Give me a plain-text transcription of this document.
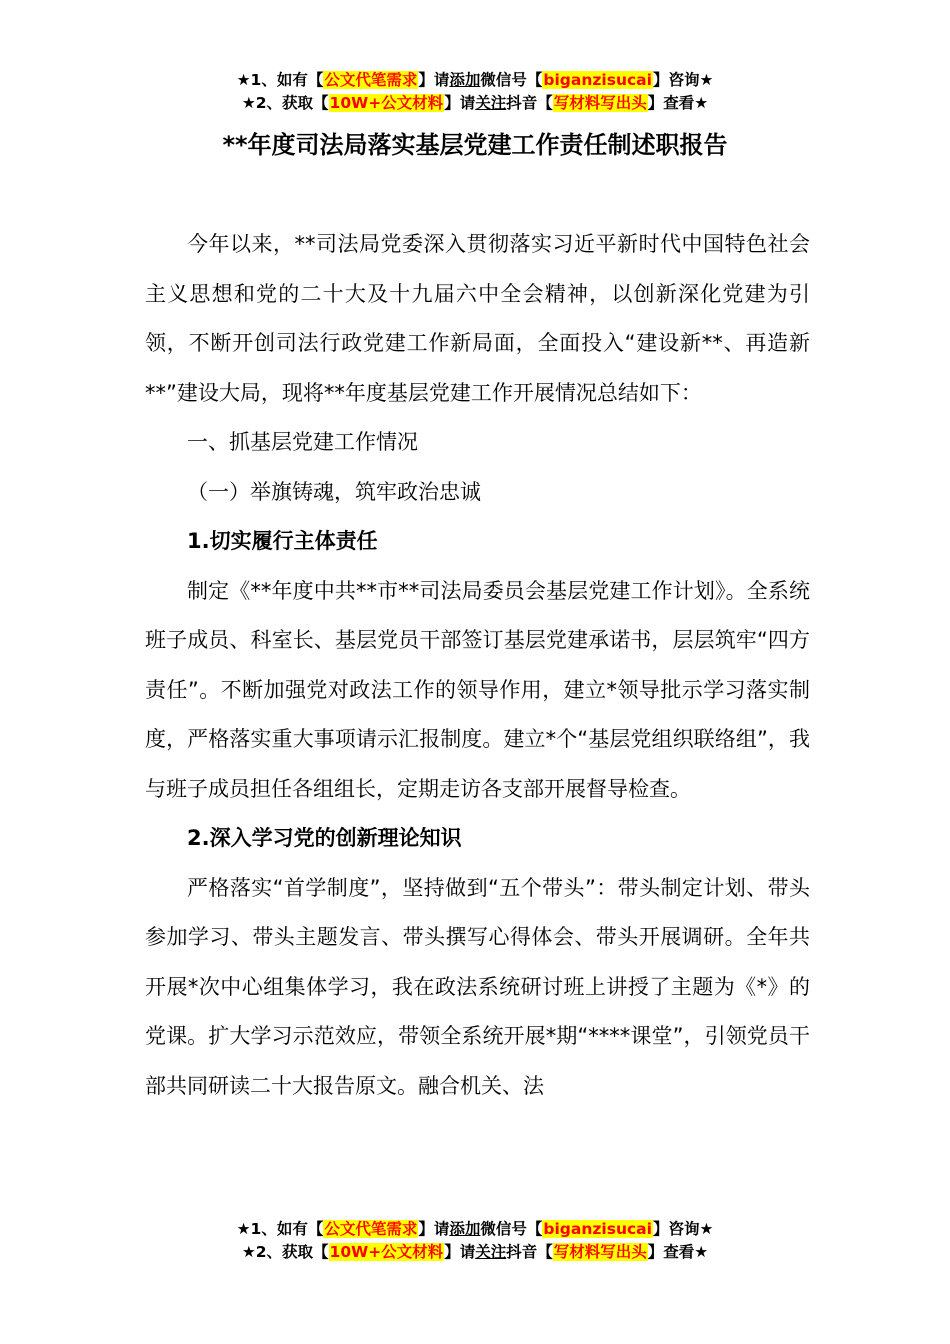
★1、如有【公文代笔需求】请添加微信号【biganzisucai】咨询★
★2、获取【10W+公文材料】请关注抖音【写材料写出头】查看★
**年度司法局落实基层党建工作责任制述职报告

今年以来，**司法局党委深入贯彻落实习近平新时代中国特色社会主义思想和党的二十大及十九届六中全会精神，以创新深化党建为引领，不断开创司法行政党建工作新局面，全面投入“建设新**、再造新**”建设大局，现将**年度基层党建工作开展情况总结如下：

一、抓基层党建工作情况

（一）举旗铸魂，筑牢政治忠诚

1.切实履行主体责任

制定《**年度中共**市**司法局委员会基层党建工作计划》。全系统班子成员、科室长、基层党员干部签订基层党建承诺书，层层筑牢“四方责任”。不断加强党对政法工作的领导作用，建立*领导批示学习落实制度，严格落实重大事项请示汇报制度。建立*个“基层党组织联络组”，我与班子成员担任各组组长，定期走访各支部开展督导检查。

2.深入学习党的创新理论知识

严格落实“首学制度”，坚持做到“五个带头”：带头制定计划、带头参加学习、带头主题发言、带头撰写心得体会、带头开展调研。全年共开展*次中心组集体学习，我在政法系统研讨班上讲授了主题为《*》的党课。扩大学习示范效应，带领全系统开展*期“****课堂”，引领党员干部共同研读二十大报告原文。融合机关、法

★1、如有【公文代笔需求】请添加微信号【biganzisucai】咨询★
★2、获取【10W+公文材料】请关注抖音【写材料写出头】查看★
